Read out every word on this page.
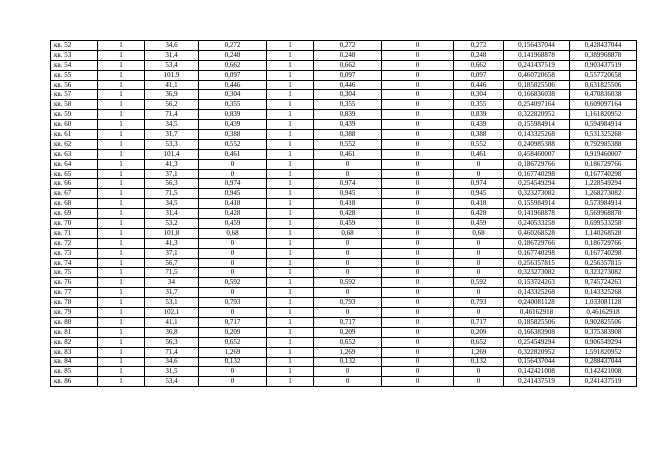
кв. 52	1	34,6	0,272	1	0,272	0	0,272	0,156437044	0,428437044
кв. 53	1	31,4	0,248	1	0,248	0	0,248	0,141968878	0,389968878
кв. 54	1	53,4	0,662	1	0,662	0	0,662	0,241437519	0,903437519
кв. 55	1	101,9	0,097	1	0,097	0	0,097	0,460720658	0,557720658
кв. 56	1	41,1	0,446	1	0,446	0	0,446	0,185825506	0,631825506
кв. 57	1	36,9	0,304	1	0,304	0	0,304	0,166836038	0,470836038
кв. 58	1	56,2	0,355	1	0,355	0	0,355	0,254097164	0,609097164
кв. 59	1	71,4	0,839	1	0,839	0	0,839	0,322820952	1,161820952
кв. 60	1	34,5	0,439	1	0,439	0	0,439	0,155984914	0,594984914
кв. 61	1	31,7	0,388	1	0,388	0	0,388	0,143325268	0,531325268
кв. 62	1	53,3	0,552	1	0,552	0	0,552	0,240985388	0,792985388
кв. 63	1	101,4	0,461	1	0,461	0	0,461	0,458460007	0,919460007
кв. 64	1	41,3	0	1	0	0	0	0,186729766	0,186729766
кв. 65	1	37,1	0	1	0	0	0	0,167740298	0,167740298
кв. 66	1	56,3	0,974	1	0,974	0	0,974	0,254549294	1,228549294
кв. 67	1	71,5	0,945	1	0,945	0	0,945	0,323273082	1,268273082
кв. 68	1	34,5	0,418	1	0,418	0	0,418	0,155984914	0,573984914
кв. 69	1	31,4	0,428	1	0,428	0	0,428	0,141968878	0,569968878
кв. 70	1	53,2	0,459	1	0,459	0	0,459	0,240533258	0,699533258
кв. 71	1	101,8	0,68	1	0,68	0	0,68	0,460268528	1,140268528
кв. 72	1	41,3	0	1	0	0	0	0,186729766	0,186729766
кв. 73	1	37,1	0	1	0	0	0	0,167740298	0,167740298
кв. 74	1	56,7	0	1	0	0	0	0,256357815	0,256357815
кв. 75	1	71,5	0	1	0	0	0	0,323273082	0,323273082
кв. 76	1	34	0,592	1	0,592	0	0,592	0,153724263	0,745724263
кв. 77	1	31,7	0	1	0	0	0	0,143325268	0,143325268
кв. 78	1	53,1	0,793	1	0,793	0	0,793	0,240081128	1,033081128
кв. 79	1	102,1	0	1	0	0	0	0,46162918	0,46162918
кв. 80	1	41,1	0,717	1	0,717	0	0,717	0,185825506	0,902825506
кв. 81	1	36,8	0,209	1	0,209	0	0,209	0,166383908	0,375383908
кв. 82	1	56,3	0,652	1	0,652	0	0,652	0,254549294	0,906549294
кв. 83	1	71,4	1,269	1	1,269	0	1,269	0,322820952	1,591820952
кв. 84	1	34,6	0,132	1	0,132	0	0,132	0,156437044	0,288437044
кв. 85	1	31,5	0	1	0	0	0	0,142421008	0,142421008
кв. 86	1	53,4	0	1	0	0	0	0,241437519	0,241437519
